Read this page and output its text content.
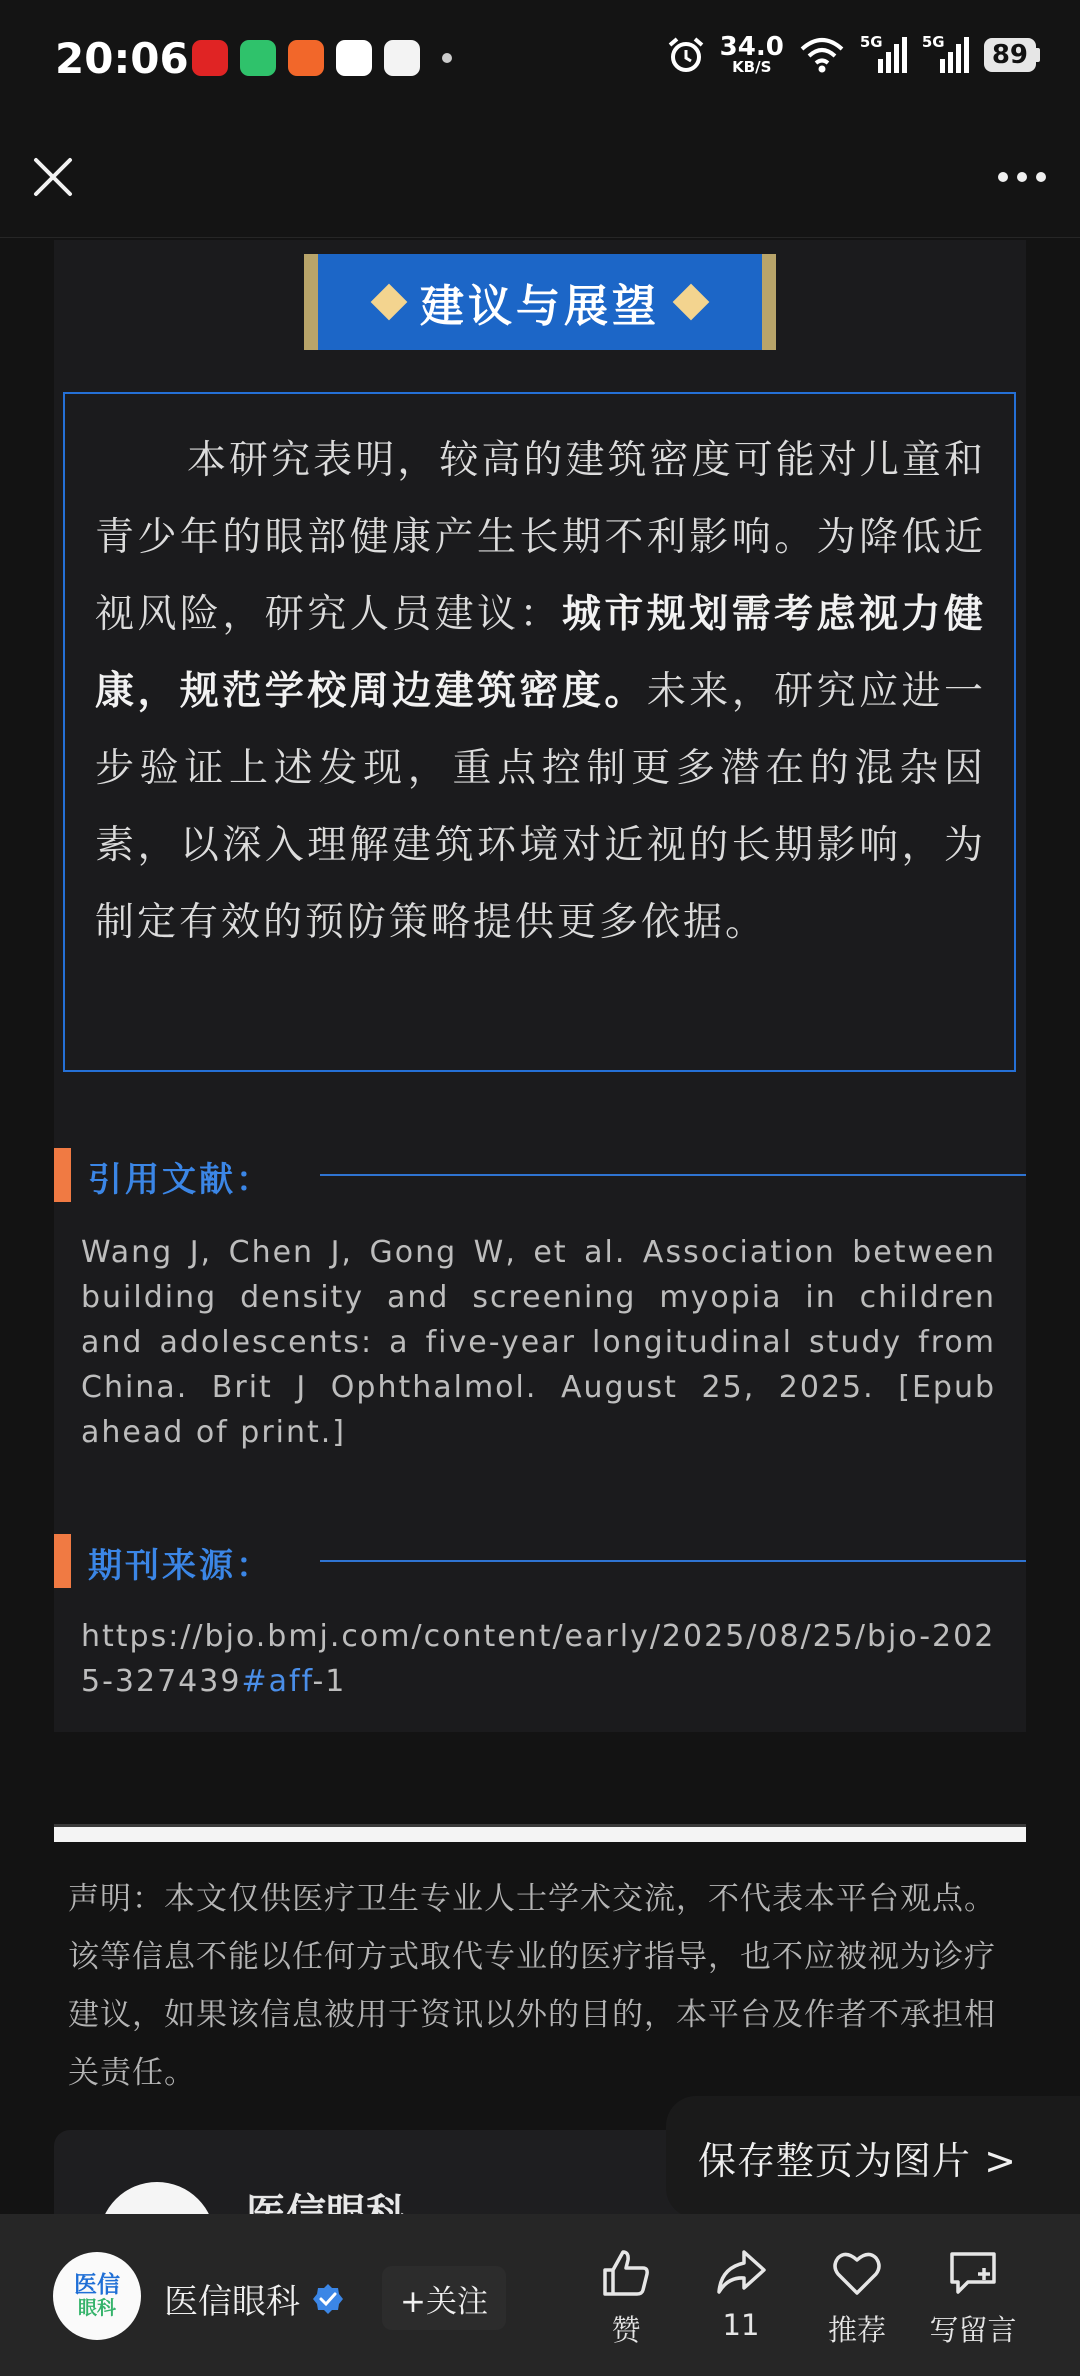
20:06	34.0
KB/S
5G	5G	89
建议与展望

本研究表明，较高的建筑密度可能对儿童和青少年的眼部健康产生长期不利影响。为降低近视风险，研究人员建议：城市规划需考虑视力健康，规范学校周边建筑密度。未来，研究应进一步验证上述发现，重点控制更多潜在的混杂因素，以深入理解建筑环境对近视的长期影响，为制定有效的预防策略提供更多依据。

引用文献：
Wang J, Chen J, Gong W, et al. Association between building density and screening myopia in children and adolescents: a five-year longitudinal study from China. Brit J Ophthalmol. August 25, 2025. [Epub ahead of print.]
期刊来源：
https://bjo.bmj.com/content/early/2025/08/25/bjo-2025-327439#aff-1
声明：本文仅供医疗卫生专业人士学术交流，不代表本平台观点。该等信息不能以任何方式取代专业的医疗指导，也不应被视为诊疗建议，如果该信息被用于资讯以外的目的，本平台及作者不承担相关责任。
保存整页为图片 >
医信
眼科 医信眼科	+关注
赞	11 推荐 写留言
